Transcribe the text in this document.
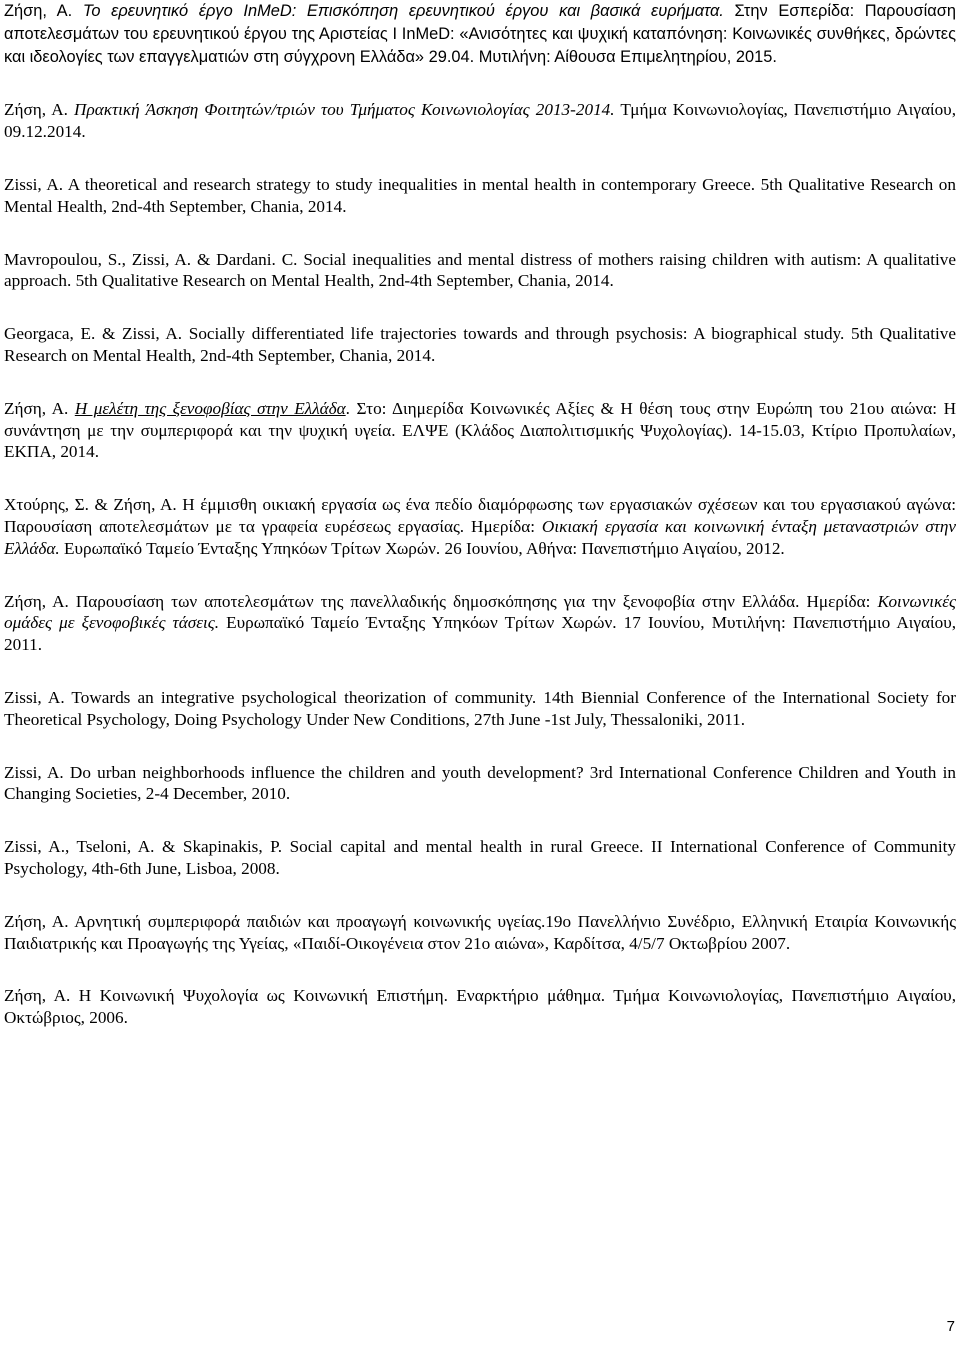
Ζήση, Α. Το ερευνητικό έργο InMeD: Επισκόπηση ερευνητικού έργου και βασικά ευρήματα. Στην Εσπερίδα: Παρουσίαση αποτελεσμάτων του ερευνητικού έργου της Αριστείας Ι InMeD: «Ανισότητες και ψυχική καταπόνηση: Κοινωνικές συνθήκες, δρώντες και ιδεολογίες των επαγγελματιών στη σύγχρονη Ελλάδα» 29.04. Μυτιλήνη: Αίθουσα Επιμελητηρίου, 2015.

Ζήση, Α. Πρακτική Άσκηση Φοιτητών/τριών του Τμήματος Κοινωνιολογίας 2013-2014. Τμήμα Κοινωνιολογίας, Πανεπιστήμιο Αιγαίου, 09.12.2014.

Zissi, A. A theoretical and research strategy to study inequalities in mental health in contemporary Greece. 5th Qualitative Research on Mental Health, 2nd-4th September, Chania, 2014.

Mavropoulou, S., Zissi, A. & Dardani. C. Social inequalities and mental distress of mothers raising children with autism: A qualitative approach. 5th Qualitative Research on Mental Health, 2nd-4th September, Chania, 2014.

Georgaca, E. & Zissi, A. Socially differentiated life trajectories towards and through psychosis: A biographical study. 5th Qualitative Research on Mental Health, 2nd-4th September, Chania, 2014.

Ζήση, Α. Η μελέτη της ξενοφοβίας στην Ελλάδα. Στο: Διημερίδα Κοινωνικές Αξίες & Η θέση τους στην Ευρώπη του 21ου αιώνα: Η συνάντηση με την συμπεριφορά και την ψυχική υγεία. ΕΛΨΕ (Κλάδος Διαπολιτισμικής Ψυχολογίας). 14-15.03, Κτίριο Προπυλαίων, ΕΚΠΑ, 2014.

Χτούρης, Σ. & Ζήση, Α. Η έμμισθη οικιακή εργασία ως ένα πεδίο διαμόρφωσης των εργασιακών σχέσεων και του εργασιακού αγώνα: Παρουσίαση αποτελεσμάτων με τα γραφεία ευρέσεως εργασίας. Ημερίδα: Οικιακή εργασία και κοινωνική ένταξη μεταναστριών στην Ελλάδα. Ευρωπαϊκό Ταμείο Ένταξης Υπηκόων Τρίτων Χωρών. 26 Ιουνίου, Αθήνα: Πανεπιστήμιο Αιγαίου, 2012.

Ζήση, Α. Παρουσίαση των αποτελεσμάτων της πανελλαδικής δημοσκόπησης για την ξενοφοβία στην Ελλάδα. Ημερίδα: Κοινωνικές ομάδες με ξενοφοβικές τάσεις. Ευρωπαϊκό Ταμείο Ένταξης Υπηκόων Τρίτων Χωρών. 17 Ιουνίου, Μυτιλήνη: Πανεπιστήμιο Αιγαίου, 2011.

Zissi, A. Towards an integrative psychological theorization of community. 14th Biennial Conference of the International Society for Theoretical Psychology, Doing Psychology Under New Conditions, 27th June -1st July, Thessaloniki, 2011.

Zissi, A. Do urban neighborhoods influence the children and youth development? 3rd International Conference Children and Youth in Changing Societies, 2-4 December, 2010.

Zissi, A., Tseloni, A. & Skapinakis, P. Social capital and mental health in rural Greece. II International Conference of Community Psychology, 4th-6th June, Lisboa, 2008.

Ζήση, Α. Αρνητική συμπεριφορά παιδιών και προαγωγή κοινωνικής υγείας.19ο Πανελλήνιο Συνέδριο, Ελληνική Εταιρία Κοινωνικής Παιδιατρικής και Προαγωγής της Υγείας, «Παιδί-Οικογένεια στον 21ο αιώνα», Καρδίτσα, 4/5/7 Οκτωβρίου 2007.

Ζήση, Α. Η Κοινωνική Ψυχολογία ως Κοινωνική Επιστήμη. Εναρκτήριο μάθημα. Τμήμα Κοινωνιολογίας, Πανεπιστήμιο Αιγαίου, Οκτώβριος, 2006.

7
